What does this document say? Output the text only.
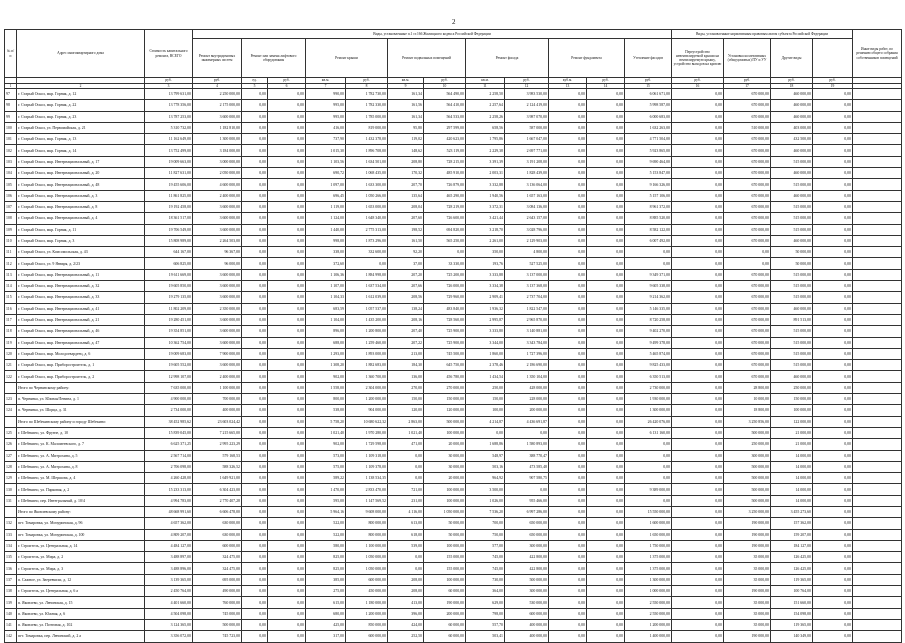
2
№ п/п	Адрес многоквартирного дома	Стоимость капитального ремонта, ВСЕГО	Виды, установленные п.1 ст.166 Жилищного кодекса Российской Федерации												Виды, установленные нормативным правовым актом субъекта Российской Федерации				Иные виды работ, по решению общего собрания собственников помещений
			Ремонт внутридомовых инженерных систем	Ремонт или замена лифтового оборудования		Ремонт крыши		Ремонт подвальных помещений		Ремонт фасада		Ремонт фундамента		Утепление фасадов	Переустройство невентилируемой крыши на вентилируемую крышу, устройство выходов на кровлю	Установка коллективных (общедомовых) ПУ и УУ	Другие виды		
		руб.	руб.	ед.	руб.	кв.м.	руб.	кв.м.	руб.	кв.м.	руб.	куб.м.	руб.	руб.	руб.	руб.	руб.	руб.	
1	2	3	4	5	6	7	8	9	10	11	12	13	14	15	16	17	18	19	
97	г. Старый Оскол, мкр. Горняк, д. 12	13 799 631,00	2 250 000,00	0,00	0,00	990,00	1 782 730,00	161,34	564 490,00	2 258,50	3 983 530,00	0,00	0,00	6 061 671,00	0,00	670 000,00	460 000,00	0,00	
98	г. Старый Оскол, мкр. Горняк, д. 22	13 778 356,00	2 175 000,00	0,00	0,00	995,00	1 782 330,00	161,56	564 410,00	2 257,64	2 124 419,00	0,00	0,00	5 998 587,00	0,00	670 000,00	460 000,00	0,00	
99	г. Старый Оскол, мкр. Горняк, д. 23	13 787 253,00	3 600 000,00	0,00	0,00	995,00	1 785 000,00	161,34	564 533,00	2 258,26	3 987 070,00	0,00	0,00	6 000 683,00	0,00	670 000,00	460 000,00	0,00	
100	г. Старый Оскол, ул. Первомайская, д. 21	5 310 732,00	1 182 810,00	0,00	0,00	416,00	819 000,00	95,80	297 599,00	658,56	587 000,00	0,00	0,00	1 632 263,00	0,00	510 000,00	403 000,00	0,00	
101	г. Старый Оскол, мкр. Горняк, д. 13	11 162 649,00	1 300 000,00	0,00	0,00	737,90	1 432 378,00	119,02	420 623,00	1 795,86	1 667 047,00	0,00	0,00	4 771 504,00	0,00	670 000,00	432 500,00	0,00	
102	г. Старый Оскол, мкр. Горняк, д. 14	13 752 499,00	3 184 000,00	0,00	0,00	1 015,30	1 896 708,00	148,62	523 119,00	2 229,38	2 697 771,00	0,00	0,00	5 923 865,00	0,00	670 000,00	460 000,00	0,00	
103	г. Старый Оскол, мкр. Интернациональный, д. 17	19 009 663,00	3 000 000,00	0,00	0,00	1 103,56	1 634 501,00	208,80	728 215,00	3 391,39	3 191 208,00	0,00	0,00	9 690 464,00	0,00	670 000,00	515 000,00	0,00	
104	г. Старый Оскол, мкр. Интернациональный, д. 20	11 827 631,00	2 050 000,00	0,00	0,00	690,72	1 068 435,00	170,32	485 910,00	2 003,31	1 828 439,00	0,00	0,00	5 153 847,00	0,00	670 000,00	460 000,00	0,00	
105	г. Старый Оскол, мкр. Интернациональный, д. 48	19 455 606,00	4 600 000,00	0,00	0,00	1 097,00	1 633 300,00	207,70	726 879,00	3 332,88	3 136 064,00	0,00	0,00	9 166 326,00	0,00	670 000,00	515 000,00	0,00	
106	г. Старый Оскол, мкр. Интернациональный, д. 3	11 861 825,00	2 400 000,00	0,00	0,00	696,45	1 050 266,00	135,64	465 290,00	1 940,56	1 657 163,00	0,00	0,00	5 157 106,00	0,00	670 000,00	460 000,00	0,00	
107	г. Старый Оскол, мкр. Интернациональный, д. 8	19 192 458,00	3 600 000,00	0,00	0,00	1 119,00	1 653 000,00	208,04	728 219,00	3 372,31	3 084 136,00	0,00	0,00	8 961 372,00	0,00	670 000,00	515 000,00	0,00	
108	г. Старый Оскол, мкр. Интернациональный, д. 4	18 361 517,00	3 600 000,00	0,00	0,00	1 124,00	1 648 340,00	207,60	726 600,00	3 421,44	2 643 157,00	0,00	0,00	8 885 520,00	0,00	670 000,00	515 000,00	0,00	
109	г. Старый Оскол, мкр. Горняк, д. 11	19 706 549,00	3 600 000,00	0,00	0,00	1 440,00	2 775 313,00	198,52	694 820,00	3 218,70	3 028 796,00	0,00	0,00	8 582 122,00	0,00	670 000,00	515 000,00	0,00	
110	г. Старый Оскол, мкр. Горняк, д. 3	15 808 989,00	2 264 503,00	0,00	0,00	998,00	1 873 296,00	161,50	565 250,00	2 261,00	2 129 903,00	0,00	0,00	6 007 492,00	0,00	670 000,00	460 000,00	0,00	
111	г. Старый Оскол, ул. Комсомольская, д. 43	644 167,00	96 367,00	0,00	0,00	338,00	332 600,00	92,20	0,00	350,00	4 800,00	0,00	0,00	0,00	0,00	0,00	50 000,00	0,00	
112	г. Старый Оскол, ул. 9 Января, д. 2/23	606 825,00	96 000,00	0,00	0,00	372,60	0,00	37,00	33 330,00	193,76	527 525,00	0,00	0,00	0,00	0,00	0,00	50 000,00	0,00	
113	г. Старый Оскол, мкр. Интернациональный, д. 11	19 611 669,00	3 600 000,00	0,00	0,00	1 106,36	1 884 998,00	207,20	725 200,00	3 333,88	3 137 000,00	0,00	0,00	9 349 371,00	0,00	670 000,00	515 000,00	0,00	
114	г. Старый Оскол, мкр. Интернациональный, д. 32	19 605 850,00	3 600 000,00	0,00	0,00	1 107,00	1 637 534,00	207,66	726 000,00	3 334,38	3 137 368,00	0,00	0,00	9 605 338,00	0,00	670 000,00	515 000,00	0,00	
115	г. Старый Оскол, мкр. Интернациональный, д. 33	19 279 135,00	3 600 000,00	0,00	0,00	1 104,33	1 612 039,00	208,56	729 960,00	2 909,41	2 737 704,00	0,00	0,00	9 214 362,00	0,00	670 000,00	515 000,00	0,00	
116	г. Старый Оскол, мкр. Интернациональный, д. 41	11 802 209,00	2 350 000,00	0,00	0,00	683,59	1 057 537,00	138,24	483 840,00	1 936,32	1 822 547,00	0,00	0,00	5 146 335,00	0,00	670 000,00	460 000,00	0,00	
117	г. Старый Оскол, мкр. Интернациональный, д. 21	19 280 451,00	3 600 000,00	0,00	0,00	1 104,00	1 435 200,00	208,16	728 560,00	2 995,87	2 965 870,00	0,00	0,00	8 720 258,00	0,00	670 000,00	891 513,00	0,00	
118	г. Старый Оскол, мкр. Интернациональный, д. 46	19 354 851,00	3 600 000,00	0,00	0,00	896,00	1 200 800,00	207,40	725 900,00	3 333,80	3 140 881,00	0,00	0,00	9 402 270,00	0,00	670 000,00	515 000,00	0,00	
119	г. Старый Оскол, мкр. Интернациональный, д. 47	10 362 754,00	3 600 000,00	0,00	0,00	688,00	1 259 460,00	207,22	725 900,00	3 344,00	3 343 784,00	0,00	0,00	9 499 378,00	0,00	670 000,00	515 000,00	0,00	
120	г. Старый Оскол, мкр. Молодогвардеец, д. 6	19 009 683,00	7 900 000,00	0,00	0,00	1 293,00	1 893 000,00	213,00	745 500,00	1 860,00	1 727 396,00	0,00	0,00	5 465 874,00	0,00	670 000,00	515 000,00	0,00	
121	г. Старый Оскол, мкр. Приборостроитель, д. 1	19 605 552,00	3 600 000,00	0,00	0,00	1 308,20	1 882 683,00	184,30	645 750,00	2 378,46	2 186 690,00	0,00	0,00	9 825 433,00	0,00	670 000,00	515 000,00	0,00	
122	г. Старый Оскол, мкр. Приборостроитель, д. 2	12 998 107,00	2 400 000,00	0,00	0,00	902,00	1 360 700,00	136,00	456 780,00	1 434,54	1 350 104,00	0,00	0,00	6 350 513,00	0,00	670 000,00	460 000,00	0,00	
	Итого по Чернянскому району:	7 635 000,00	1 100 000,00	0,00	0,00	1 558,00	2 304 000,00	270,00	270 000,00	250,00	428 000,00	0,00	0,00	2 730 000,00	0,00	28 800,00	250 000,00	0,00	
123	п. Чернянка, ул. Южная/Ленина, д. 1	4 900 000,00	700 000,00	0,00	0,00	800,00	1 200 000,00	150,00	150 000,00	150,00	228 000,00	0,00	0,00	1 930 000,00	0,00	10 000,00	150 000,00	0,00	
124	п. Чернянка, ул. Шорца, д. 31	2 734 000,00	400 000,00	0,00	0,00	538,00	904 000,00	120,00	120 000,00	100,00	200 000,00	0,00	0,00	1 300 000,00	0,00	18 800,00	100 000,00	0,00	
	Итого по Шебекинскому району и городу Шебекино:	38 452 985,62	23 603 024,42	0,00	0,00	5 758,20	10 680 622,32	2 863,00	500 000,00	4 214,87	4 436 691,87	0,00	0,00	26 420 076,00	0,00	3 250 856,00	122 000,00	0,00	
125	г. Шебекино, ул. Фрунзе, д. 10	15 839 045,00	7 215 665,00	0,00	0,00	1 021,40	1 970 280,00	1 021,40	100 000,00	0,00	0,00	0,00	0,00	6 131 160,00	0,00	500 000,00	21 000,00	0,00	
126	г. Шебекино, ул. К. Маломеевского, д. 7	6 625 371,25	2 995 223,29	0,00	0,00	902,00	1 729 598,00	471,00	20 000,00	1 688,86	1 580 893,00	0,00	0,00	0,00	0,00	250 000,00	21 000,00	0,00	
127	г. Шебекино, ул. А. Митрохина, д. 5	2 567 714,00	579 168,53	0,00	0,00	573,00	1 109 318,00	0,00	30 000,00	548,97	388 770,47	0,00	0,00	0,00	0,00	300 000,00	14 000,00	0,00	
128	г. Шебекино, ул. А. Митрохина, д. 8	2 706 098,00	588 326,52	0,00	0,00	575,00	1 109 378,00	0,00	30 000,00	503,16	473 585,48	0,00	0,00	0,00	0,00	500 000,00	14 000,00	0,00	
129	г. Шебекино, ул. М. Шершова, д. 4	4 260 428,00	1 649 921,00	0,00	0,00	589,22	1 138 534,35	0,00	20 000,00	964,92	907 580,75	0,00	0,00	0,00	0,00	500 000,00	14 000,00	0,00	
130	г. Шебекино, ул. Парковая, д. 2	15 233 313,00	6 304 423,00	0,00	0,00	1 470,00	2 833 470,00	721,00	100 000,00	3 500,00	0,00	0,00	0,00	9 389 000,00	0,00	500 000,00	14 000,00	0,00	
131	г. Шебекино, пер. Интегральный, д. 10/4	4 994 783,00	2 770 407,28	0,00	0,00	595,00	1 147 569,52	231,00	100 000,00	1 026,00	955 466,00	0,00	0,00	0,00	0,00	500 000,00	14 000,00	0,00	
	Итого по Яковлевскому району:	48 668 991,60	6 606 478,00	0,00	0,00	5 964,16	9 608 000,00	4 116,00	1 050 000,00	7 536,20	6 997 286,00	0,00	0,00	15 550 000,00	0,00	3 250 000,00	3 455 273,60	0,00	
132	пгт. Томаровка, ул. Мичуринская, д. 96	4 657 362,00	630 000,00	0,00	0,00	522,00	800 000,00	613,00	50 000,00	700,00	650 000,00	0,00	0,00	1 600 000,00	0,00	190 000,00	157 362,00	0,00	
133	пгт. Томаровка, ул. Мичуринская, д. 100	4 809 207,00	630 000,00	0,00	0,00	522,00	800 000,00	618,00	50 000,00	750,00	650 000,00	0,00	0,00	1 650 000,00	0,00	190 000,00	159 207,00	0,00	
134	г. Строитель, ул. Центральная, д. 14	4 484 127,00	600 000,00	0,00	0,00	580,00	1 100 000,00	539,00	100 000,00	577,00	300 000,00	0,00	0,00	1 750 000,00	0,00	190 000,00	184 127,00	0,00	
135	г. Строитель, ул. Мира, д. 2	3 488 897,00	324 475,00	0,00	0,00	825,00	1 050 000,00	0,00	155 000,00	745,00	422 800,00	0,00	0,00	1 375 000,00	0,00	35 000,00	126 425,00	0,00	
136	г. Строитель, ул. Мира, д. 3	3 488 896,00	324 475,00	0,00	0,00	825,00	1 050 000,00	0,00	155 000,00	745,00	422 800,00	0,00	0,00	1 375 000,00	0,00	35 000,00	126 425,00	0,00	
137	п. Сажное, ул. Зверевчихи, д. 12	3 139 365,00	695 000,00	0,00	0,00	385,00	600 000,00	208,00	100 000,00	730,00	500 000,00	0,00	0,00	1 300 000,00	0,00	35 000,00	119 365,00	0,00	
138	г. Строитель, ул. Центральная, д. 6 а	2 450 764,00	490 000,00	0,00	0,00	275,00	450 000,00	208,00	60 000,00	364,00	300 000,00	0,00	0,00	1 000 000,00	0,00	190 000,00	100 764,00	0,00	
139	п. Яковлево, ул. Ленинская, д. 15	4 401 660,00	760 000,00	0,00	0,00	615,00	1 180 000,00	413,00	190 000,00	629,00	530 000,00	0,00	0,00	2 550 000,00	0,00	35 000,00	151 660,00	0,00	
140	п. Яковлево, ул. Южная, д. 6	4 504 098,00	745 000,00	0,00	0,00	680,00	1 200 000,00	396,00	200 000,00	798,00	600 000,00	0,00	0,00	2 550 000,00	0,00	35 000,00	154 098,00	0,00	
141	п. Яковлево, ул. Почтовая, д. 102	3 124 365,00	500 000,00	0,00	0,00	425,00	850 000,00	424,00	60 000,00	557,70	400 000,00	0,00	0,00	1 200 000,00	0,00	35 000,00	119 365,00	0,00	
142	пгт. Томаровка, пер. Ленинский, д. 2 а	3 356 072,00	745 723,00	0,00	0,00	317,00	600 000,00	252,50	60 000,00	503,41	400 000,00	0,00	0,00	1 400 000,00	0,00	190 000,00	140 349,00	0,00	
